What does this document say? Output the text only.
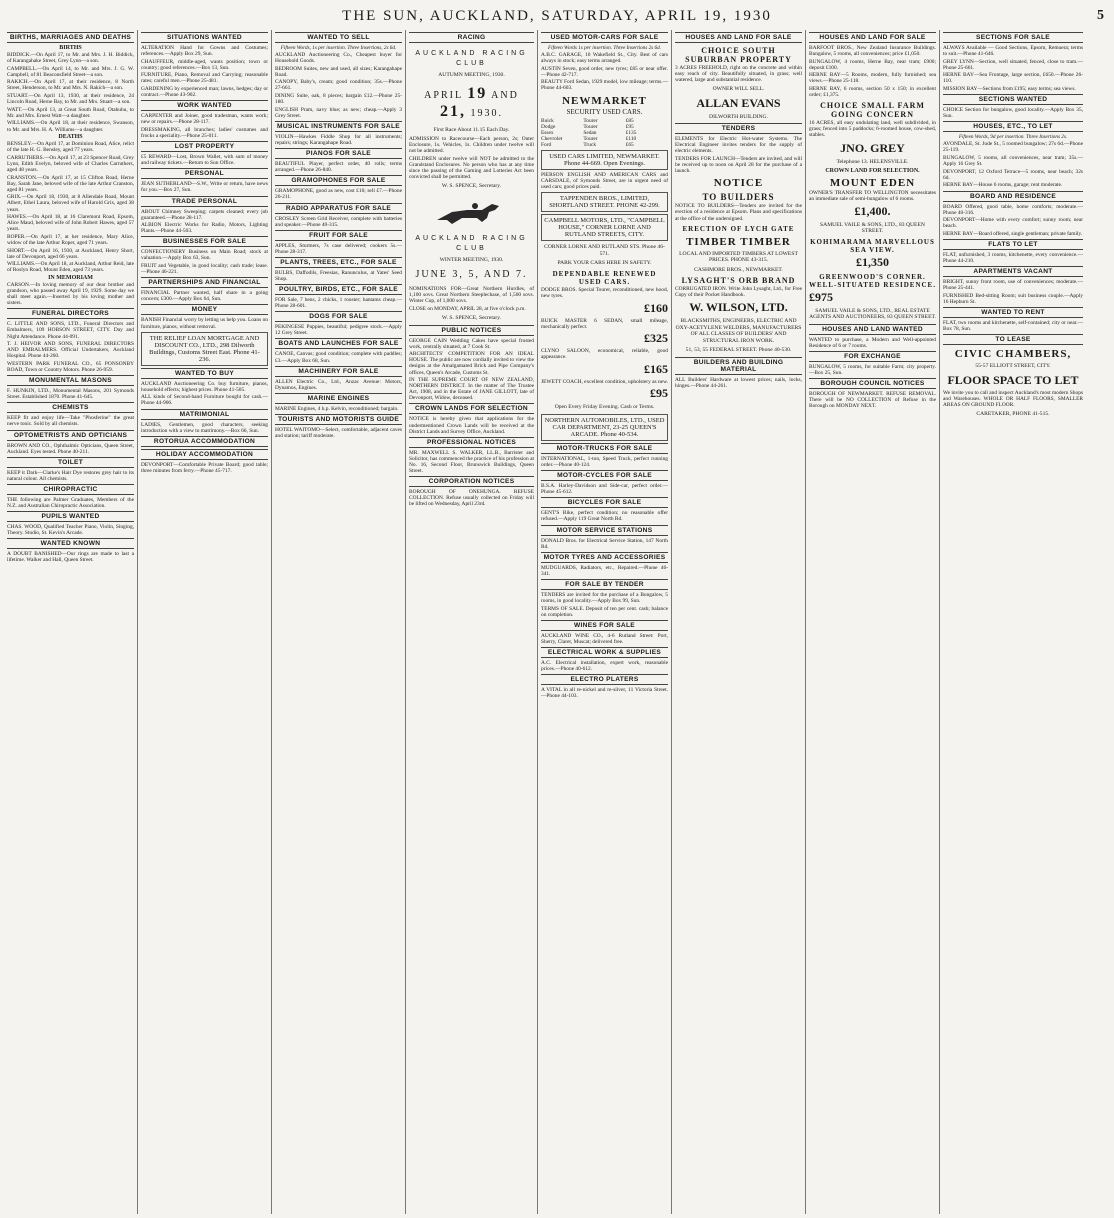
THE SUN, AUCKLAND, SATURDAY, APRIL 19, 1930	5
BIRTHS, MARRIAGES AND DEATHS
BIRTHS
BIDDICK.—On April 17, to Mr. and Mrs. J. H. Biddick, of Karangahake Street, Grey Lynn—a son.
CAMPBELL.—On April 14, to Mr. and Mrs. J. G. W. Campbell, of 81 Beaconsfield Street—a son.
RAKICH.—On April 17, at their residence, 8 North Street, Henderson, to Mr. and Mrs. N. Rakich—a son.
STUART.—On April 13, 1930, at their residence, 24 Lincoln Road, Herne Bay, to Mr. and Mrs. Stuart—a son.
WATT.—On April 13, at Great South Road, Otahuhu, to Mr. and Mrs. Ernest Watt—a daughter.
WILLIAMS.—On April 18, at their residence, Swanson, to Mr. and Mrs. H. A. Williams—a daughter.
DEATHS
BENSLEY.—On April 17, at Dominion Road, Alice, relict of the late H. G. Bensley, aged 77 years.
CARRUTHERS.—On April 17, at 23 Spencer Road, Grey Lynn, Edith Evelyn, beloved wife of Charles Carruthers, aged 48 years.
CRANSTON.—On April 17, at 15 Clifton Road, Herne Bay, Sarah Jane, beloved wife of the late Arthur Cranston, aged 81 years.
GRIX.—On April 18, 1930, at 8 Allendale Road, Mount Albert, Ethel Laura, beloved wife of Harold Grix, aged 38 years.
HAWES.—On April 18, at 16 Claremont Road, Epsom, Alice Maud, beloved wife of John Robert Hawes, aged 57 years.
ROPER.—On April 17, at her residence, Mary Alice, widow of the late Arthur Roper, aged 71 years.
SHORT.—On April 16, 1930, at Auckland, Henry Short, late of Devonport, aged 66 years.
WILLIAMS.—On April 18, at Auckland, Arthur Reid, late of Roslyn Road, Mount Eden, aged 73 years.
IN MEMORIAM
CARSON.—In loving memory of our dear brother and grandson, who passed away April 19, 1929. Some day we shall meet again.—Inserted by his loving mother and sisters.
FUNERAL DIRECTORS
C. LITTLE AND SONS, LTD., Funeral Directors and Embalmers, 109 HOBSON STREET, CITY. Day and Night Attendance. Phone 44-091.
T. J. HEIVOR AND SONS, FUNERAL DIRECTORS AND EMBALMERS. Official Undertakers, Auckland Hospital. Phone 44-260.
WESTERN PARK FUNERAL CO., 65 PONSONBY ROAD, Town or Country Motors. Phone 26-959.
MONUMENTAL MASONS
F. HUNKIN, LTD., Monumental Masons, 201 Symonds Street. Established 1870. Phone 41-645.
CHEMISTS
KEEP fit and enjoy life—Take "Phosferine" the great nerve tonic. Sold by all chemists.
OPTOMETRISTS AND OPTICIANS
BROWN AND CO., Ophthalmic Opticians, Queen Street, Auckland. Eyes tested. Phone 40-211.
TOILET
KEEP it Dark—Clarke's Hair Dye restores grey hair to its natural colour. All chemists.
CHIROPRACTIC
THE following are Palmer Graduates, Members of the N.Z. and Australian Chiropractic Association.
PUPILS WANTED
CHAS. WOOD, Qualified Teacher Piano, Violin, Singing, Theory. Studio, St. Kevin's Arcade.
WANTED KNOWN
A DOUBT BANISHED—Our rings are made to last a lifetime. Walker and Hall, Queen Street.
SITUATIONS WANTED
ALTERATION Hand for Gowns and Costumes; references.—Apply Box 29, Sun.
CHAUFFEUR, middle-aged, wants position; town or country; good references.—Box 13, Sun.
FURNITURE, Piano, Removal and Carrying; reasonable rates; careful men.—Phone 25-481.
GARDENING by experienced man; lawns, hedges; day or contract.—Phone 43-902.
WORK WANTED
CARPENTER and Joiner, good tradesman, wants work; new or repairs.—Phone 28-117.
DRESSMAKING, all branches; ladies' costumes and frocks a speciality.—Phone 25-011.
LOST PROPERTY
£5 REWARD—Lost, Brown Wallet, with sum of money and railway tickets.—Return to Sun Office.
PERSONAL
JEAN SUTHERLAND—S.W., Write or return, have news for you.—Box 27, Sun.
TRADE PERSONAL
ABOUT Chimney Sweeping; carpets cleaned; every job guaranteed.—Phone 28-117.
ALBION Electric Works for Radio, Motors, Lighting Plants.—Phone 44-503.
BUSINESSES FOR SALE
CONFECTIONERY Business on Main Road; stock at valuation.—Apply Box 63, Sun.
FRUIT and Vegetable, in good locality; cash trade; lease.—Phone 46-221.
PARTNERSHIPS AND FINANCIAL
FINANCIAL Partner wanted, half share in a going concern; £300.—Apply Box 64, Sun.
MONEY
BANISH Financial worry by letting us help you. Loans on furniture, pianos, without removal.
THE RELIEF LOAN MORTGAGE AND DISCOUNT CO., LTD., 298 Dilworth Buildings, Customs Street East. Phone 41-236.
WANTED TO BUY
AUCKLAND Auctioneering Co. buy furniture, pianos, household effects; highest prices. Phone 41-505.
ALL kinds of Second-hand Furniture bought for cash.—Phone 44-906.
MATRIMONIAL
LADIES, Gentlemen, good characters, seeking introduction with a view to matrimony.—Box 66, Sun.
ROTORUA ACCOMMODATION
HOLIDAY ACCOMMODATION
DEVONPORT—Comfortable Private Board; good table; three minutes from ferry.—Phone 45-717.
WANTED TO SELL
Fifteen Words, 1s per insertion. Three Insertions, 2s 6d.
AUCKLAND Auctioneering Co., Cheapest buyer for Household Goods.
BEDROOM Suites, new and used, all sizes; Karangahape Road.
CANOPY, Baby's, cream; good condition; 35s.—Phone 27-661.
DINING Suite, oak, 8 pieces; bargain £12.—Phone 25-180.
ENGLISH Pram, navy blue; as new; cheap.—Apply 3 Grey Street.
MUSICAL INSTRUMENTS FOR SALE
VIOLIN—Hawkes Fiddle Shop for all instruments; repairs; strings; Karangahape Road.
PIANOS FOR SALE
BEAUTIFUL Player, perfect order, 40 rolls; terms arranged.—Phone 26-840.
GRAMOPHONES FOR SALE
GRAMOPHONE, good as new, cost £16; sell £7.—Phone 26-211.
RADIO APPARATUS FOR SALE
CROSLEY Screen Grid Receiver, complete with batteries and speaker.—Phone 40-315.
FRUIT FOR SALE
APPLES, Sturmers, 7s case delivered; cookers 5s.—Phone 28-317.
PLANTS, TREES, ETC., FOR SALE
BULBS, Daffodils, Freesias, Ranunculus, at Yates' Seed Shop.
POULTRY, BIRDS, ETC., FOR SALE
FOR Sale, 7 hens, 2 chicks, 1 rooster; bantams cheap.—Phone 28-601.
DOGS FOR SALE
PEKINGESE Puppies, beautiful; pedigree stock.—Apply 12 Grey Street.
BOATS AND LAUNCHES FOR SALE
CANOE, Canvas; good condition; complete with paddles; £3.—Apply Box 68, Sun.
MACHINERY FOR SALE
ALLEN Electric Co., Ltd., Anzac Avenue: Motors, Dynamos, Engines.
MARINE ENGINES
MARINE Engines, 4 h.p. Kelvin, reconditioned; bargain.
TOURISTS AND MOTORISTS GUIDE
HOTEL WAITOMO—Select, comfortable, adjacent caves and station; tariff moderate.
RACING
AUCKLAND RACING CLUB
AUTUMN MEETING, 1930.
APRIL 19 AND 21, 1930.
First Race About 11.15 Each Day.
ADMISSION to Racecourse—Each person, 2s; Outer Enclosure, 1s. Vehicles, 1s. Children under twelve will not be admitted.
CHILDREN under twelve will NOT be admitted to the Grandstand Enclosures. No person who has at any time since the passing of the Gaming and Lotteries Act been convicted shall be permitted.
W. S. SPENCE, Secretary.
AUCKLAND RACING CLUB
WINTER MEETING, 1930.
JUNE 3, 5, AND 7.
NOMINATIONS FOR—Great Northern Hurdles, of 1,100 sovs. Great Northern Steeplechase, of 1,500 sovs. Winter Cup, of 1,000 sovs.
CLOSE on MONDAY, APRIL 28, at five o'clock p.m.
W. S. SPENCE, Secretary.
PUBLIC NOTICES
GEORGE CAIN Wedding Cakes have special frosted work, centrally situated, at 7 Cook St.
ARCHITECTS' COMPETITION FOR AN IDEAL HOUSE. The public are now cordially invited to view the designs at the Amalgamated Brick and Pipe Company's offices, Queen's Arcade, Customs St.
IN THE SUPREME COURT OF NEW ZEALAND, NORTHERN DISTRICT. In the matter of The Trustee Act, 1908, and in the Estate of JANE GILLOTT, late of Devonport, Widow, deceased.
CROWN LANDS FOR SELECTION
NOTICE is hereby given that applications for the undermentioned Crown Lands will be received at the District Lands and Survey Office, Auckland.
PROFESSIONAL NOTICES
MR. MAXWELL S. WALKER, LL.B., Barrister and Solicitor, has commenced the practice of his profession at No. 16, Second Floor, Brunswick Buildings, Queen Street.
CORPORATION NOTICES
BOROUGH OF ONEHUNGA. REFUSE COLLECTION. Refuse usually collected on Friday will be lifted on Wednesday, April 23rd.
USED MOTOR-CARS FOR SALE
Fifteen Words 1s per insertion. Three Insertions 2s 6d.
A.B.C. GARAGE, 10 Wakefield St., City. Best of cars always in stock; easy terms arranged.
AUSTIN Seven, good order, new tyres; £85 or near offer.—Phone 42-717.
BEAUTY Ford Sedan, 1929 model, low mileage; terms.—Phone 44-603.
NEWMARKET
SECURITY USED CARS.
Buick	Tourer	£85
Dodge	Tourer	£95
Essex	Sedan	£135
Chevrolet	Tourer	£110
Ford	Truck	£65
USED CARS LIMITED, NEWMARKET. Phone 44-669. Open Evenings.
PIERSON ENGLISH AND AMERICAN CARS and CARSDALE, of Symonds Street, are in urgent need of used cars; good prices paid.
TAPPENDEN BROS., LIMITED, SHORTLAND STREET. PHONE 42-299.
CAMPBELL MOTORS, LTD., "CAMPBELL HOUSE," CORNER LORNE AND RUTLAND STREETS, CITY.
CORNER LORNE AND RUTLAND STS. Phone 46-571.
PARK YOUR CARS HERE IN SAFETY.
DEPENDABLE RENEWED USED CARS.
DODGE BROS. Special Tourer, reconditioned, new hood, new tyres.
£160
BUICK MASTER 6 SEDAN, small mileage, mechanically perfect.
£325
CLYNO SALOON, economical, reliable, good appearance.
£165
JEWETT COACH, excellent condition, upholstery as new.
£95
Open Every Friday Evening. Cash or Terms.
NORTHERN AUTOMOBILES, LTD., USED CAR DEPARTMENT, 23-25 QUEEN'S ARCADE. Phone 40-534.
MOTOR-TRUCKS FOR SALE
INTERNATIONAL, 1-ton, Speed Truck, perfect running order.—Phone 40-124.
MOTOR-CYCLES FOR SALE
B.S.A. Harley-Davidson and Side-car, perfect order.—Phone 45-612.
BICYCLES FOR SALE
GENT'S Bike, perfect condition; no reasonable offer refused.—Apply 119 Great North Rd.
MOTOR SERVICE STATIONS
DONALD Bros. for Electrical Service Station, 147 North Rd.
MOTOR TYRES AND ACCESSORIES
MUDGUARDS, Radiators, etc., Repaired.—Phone 46-341.
FOR SALE BY TENDER
TENDERS are invited for the purchase of a Bungalow, 5 rooms, in good locality.—Apply Box 99, Sun.
TERMS OF SALE. Deposit of ten per cent. cash; balance on completion.
WINES FOR SALE
AUCKLAND WINE CO., 4-6 Rutland Street: Port, Sherry, Claret, Muscat; delivered free.
ELECTRICAL WORK & SUPPLIES
A.C. Electrical installation, expert work, reasonable prices.—Phone 40-612.
ELECTRO PLATERS
A VITAL in all re-nickel and re-silver, 11 Victoria Street.—Phone 44-103.
HOUSES AND LAND FOR SALE
CHOICE SOUTH SUBURBAN PROPERTY
3 ACRES FREEHOLD, right on the concrete and within easy reach of city. Beautifully situated, in grass; well watered, large and substantial residence.
OWNER WILL SELL.
ALLAN EVANS
DILWORTH BUILDING.
TENDERS
ELEMENTS for Electric Hot-water Systems. The Electrical Engineer invites tenders for the supply of electric elements.
TENDERS FOR LAUNCH—Tenders are invited, and will be received up to noon on April 28 for the purchase of a launch.
NOTICE
TO BUILDERS
NOTICE TO BUILDERS—Tenders are invited for the erection of a residence at Epsom. Plans and specifications at the office of the undersigned.
ERECTION OF LYCH GATE
TIMBER TIMBER
LOCAL AND IMPORTED TIMBERS AT LOWEST PRICES. PHONE 43-315.
CASHMORE BROS., NEWMARKET.
LYSAGHT'S ORB BRAND
CORRUGATED IRON. Write John Lysaght, Ltd., for Free Copy of their Pocket Handbook.
W. WILSON, LTD.
BLACKSMITHS, ENGINEERS, ELECTRIC AND OXY-ACETYLENE WELDERS, MANUFACTURERS OF ALL CLASSES OF BUILDERS' AND STRUCTURAL IRON WORK.
51, 53, 55 FEDERAL STREET. Phone 40-530.
BUILDERS AND BUILDING MATERIAL
ALL Builders' Hardware at lowest prices; nails, locks, hinges.—Phone 44-261.
HOUSES AND LAND FOR SALE
BARFOOT BROS., New Zealand Insurance Buildings. Bungalow, 5 rooms, all conveniences; price £1,050.
BUNGALOW, 4 rooms, Herne Bay, near tram; £900; deposit £100.
HERNE BAY—5 Rooms, modern, fully furnished; sea views.—Phone 25-118.
HERNE BAY, 6 rooms, section 50 x 150; in excellent order; £1,375.
CHOICE SMALL FARM GOING CONCERN
16 ACRES, all easy undulating land, well subdivided, in grass; fenced into 5 paddocks; 6-roomed house, cow-shed, stables.
JNO. GREY
Telephone 13. HELENSVILLE.
CROWN LAND FOR SELECTION.
MOUNT EDEN
OWNER'S TRANSFER TO WELLINGTON necessitates an immediate sale of semi-bungalow of 6 rooms.
£1,400.
SAMUEL VAILE & SONS, LTD., 83 QUEEN STREET.
KOHIMARAMA MARVELLOUS SEA VIEW.
£1,350
GREENWOOD'S CORNER. WELL-SITUATED RESIDENCE.
£975
SAMUEL VAILE & SONS, LTD., REAL ESTATE AGENTS AND AUCTIONEERS, 83 QUEEN STREET.
HOUSES AND LAND WANTED
WANTED to purchase, a Modern and Well-appointed Residence of 6 or 7 rooms.
FOR EXCHANGE
BUNGALOW, 5 rooms, for suitable Farm; city property.—Box 25, Sun.
BOROUGH COUNCIL NOTICES
BOROUGH OF NEWMARKET. REFUSE REMOVAL. There will be NO COLLECTION of Refuse in the Borough on MONDAY NEXT.
SECTIONS FOR SALE
ALWAYS Available — Good Sections, Epsom, Remuera; terms to suit.—Phone 41-646.
GREY LYNN—Section, well situated, fenced, close to tram.—Phone 25-661.
HERNE BAY—Sea Frontage, large section, £650.—Phone 26-110.
MISSION BAY—Sections from £195; easy terms; sea views.
SECTIONS WANTED
CHOICE Section for bungalow, good locality.—Apply Box 35, Sun.
HOUSES, ETC., TO LET
Fifteen Words, 9d per insertion. Three Insertions 2s.
AVONDALE, St. Jude St., 5 roomed bungalow; 27s 6d.—Phone 25-119.
BUNGALOW, 5 rooms, all conveniences, near tram; 35s.—Apply 16 Grey St.
DEVONPORT, 12 Oxford Terrace—5 rooms, near beach; 32s 6d.
HERNE BAY—House 6 rooms, garage; rent moderate.
BOARD AND RESIDENCE
BOARD Offered, good table, home comforts; moderate.—Phone 40-316.
DEVONPORT—Home with every comfort; sunny room; near beach.
HERNE BAY—Board offered, single gentleman; private family.
FLATS TO LET
FLAT, unfurnished, 3 rooms, kitchenette, every convenience.—Phone 44-210.
APARTMENTS VACANT
BRIGHT, sunny front room, use of conveniences; moderate.—Phone 25-441.
FURNISHED Bed-sitting Room; suit business couple.—Apply 16 Hepburn St.
WANTED TO RENT
FLAT, two rooms and kitchenette, self-contained; city or near.—Box 78, Sun.
TO LEASE
CIVIC CHAMBERS,
55-57 ELLIOTT STREET, CITY.
FLOOR SPACE TO LET
We invite you to call and inspect Auckland's most modern Shops and Warehouses. WHOLE OR HALF FLOORS, SMALLER AREAS ON GROUND FLOOR.
CARETAKER, PHONE 41-515.
